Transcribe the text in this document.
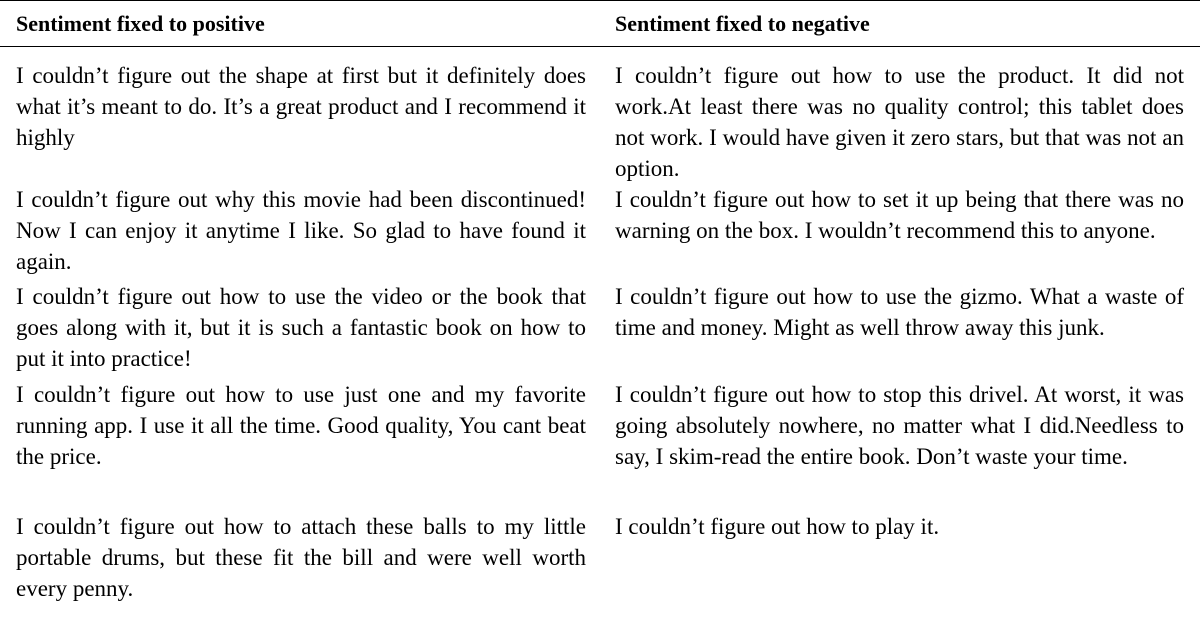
Sentiment fixed to positive	Sentiment fixed to negative
I couldn’t figure out the shape at first but it definitely does what it’s meant to do. It’s a great product and I recommend it highly	I couldn’t figure out how to use the product. It did not work.At least there was no quality control; this tablet does not work. I would have given it zero stars, but that was not an option.
I couldn’t figure out why this movie had been discontinued! Now I can enjoy it anytime I like. So glad to have found it again.	I couldn’t figure out how to set it up being that there was no warning on the box. I wouldn’t recommend this to anyone.
I couldn’t figure out how to use the video or the book that goes along with it, but it is such a fantastic book on how to put it into practice!	I couldn’t figure out how to use the gizmo. What a waste of time and money. Might as well throw away this junk.
I couldn’t figure out how to use just one and my favorite running app. I use it all the time. Good quality, You cant beat the price.	I couldn’t figure out how to stop this drivel. At worst, it was going absolutely nowhere, no matter what I did.Needless to say, I skim-read the entire book. Don’t waste your time.
I couldn’t figure out how to attach these balls to my little portable drums, but these fit the bill and were well worth every penny.	I couldn’t figure out how to play it.
